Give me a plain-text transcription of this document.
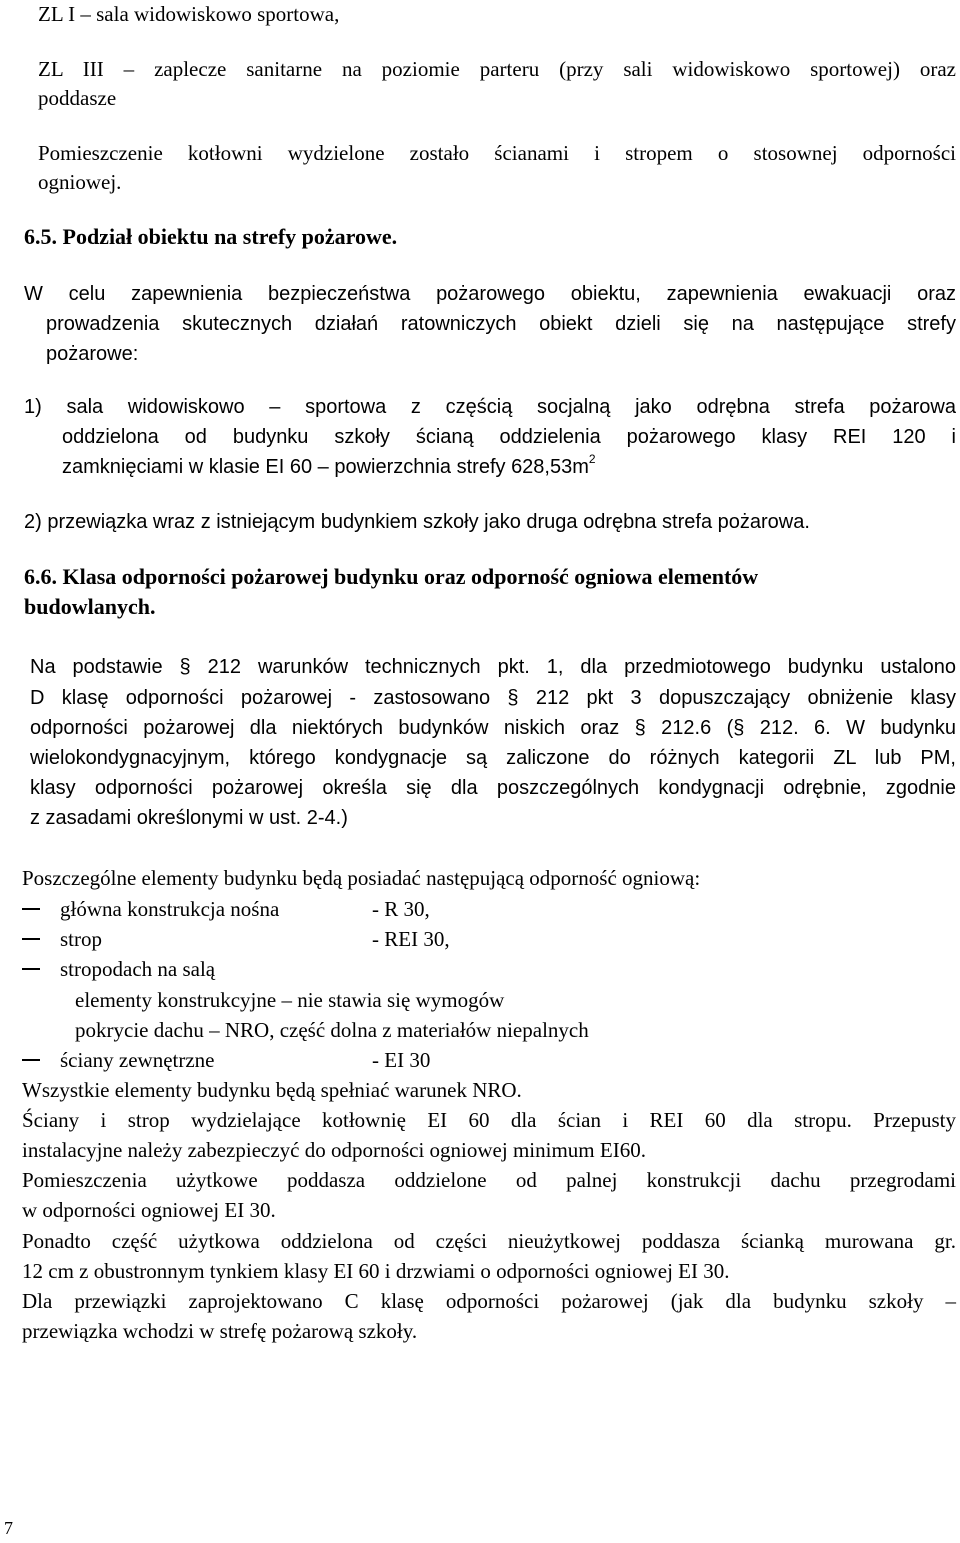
ZL I – sala widowiskowo sportowa,
ZL III – zaplecze sanitarne na poziomie parteru (przy sali widowiskowo sportowej) oraz
poddasze
Pomieszczenie kotłowni wydzielone zostało ścianami i stropem o stosownej odporności
ogniowej.
6.5. Podział obiektu na strefy pożarowe.
W celu zapewnienia bezpieczeństwa pożarowego obiektu, zapewnienia ewakuacji oraz
prowadzenia skutecznych działań ratowniczych obiekt dzieli się na następujące strefy
pożarowe:
1) sala widowiskowo – sportowa z częścią socjalną jako odrębna strefa pożarowa
oddzielona od budynku szkoły ścianą oddzielenia pożarowego klasy REI 120 i
zamknięciami w klasie EI 60 – powierzchnia strefy $628,53m^2$
2) przewiązka wraz z istniejącym budynkiem szkoły jako druga odrębna strefa pożarowa.
6.6. Klasa odporności pożarowej budynku oraz odporność ogniowa elementów
budowlanych.
Na podstawie § 212 warunków technicznych pkt. 1, dla przedmiotowego budynku ustalono
D klasę odporności pożarowej - zastosowano § 212 pkt 3 dopuszczający obniżenie klasy
odporności pożarowej dla niektórych budynków niskich oraz § 212.6 (§ 212. 6. W budynku
wielokondygnacyjnym, którego kondygnacje są zaliczone do różnych kategorii ZL lub PM,
klasy odporności pożarowej określa się dla poszczególnych kondygnacji odrębnie, zgodnie
z zasadami określonymi w ust. 2-4.)
Poszczególne elementy budynku będą posiadać następującą odporność ogniową:
główna konstrukcja nośna	- R 30,
strop	- REI 30,
stropodach na salą
elementy konstrukcyjne – nie stawia się wymogów
pokrycie dachu – NRO, część dolna z materiałów niepalnych
ściany zewnętrzne	- EI 30
Wszystkie elementy budynku będą spełniać warunek NRO.
Ściany i strop wydzielające kotłownię EI 60 dla ścian i REI 60 dla stropu. Przepusty
instalacyjne należy zabezpieczyć do odporności ogniowej minimum EI60.
Pomieszczenia użytkowe poddasza oddzielone od palnej konstrukcji dachu przegrodami
w odporności ogniowej EI 30.
Ponadto część użytkowa oddzielona od części nieużytkowej poddasza ścianką murowana gr.
12 cm z obustronnym tynkiem klasy EI 60 i drzwiami o odporności ogniowej EI 30.
Dla przewiązki zaprojektowano C klasę odporności pożarowej (jak dla budynku szkoły –
przewiązka wchodzi w strefę pożarową szkoły.
7
